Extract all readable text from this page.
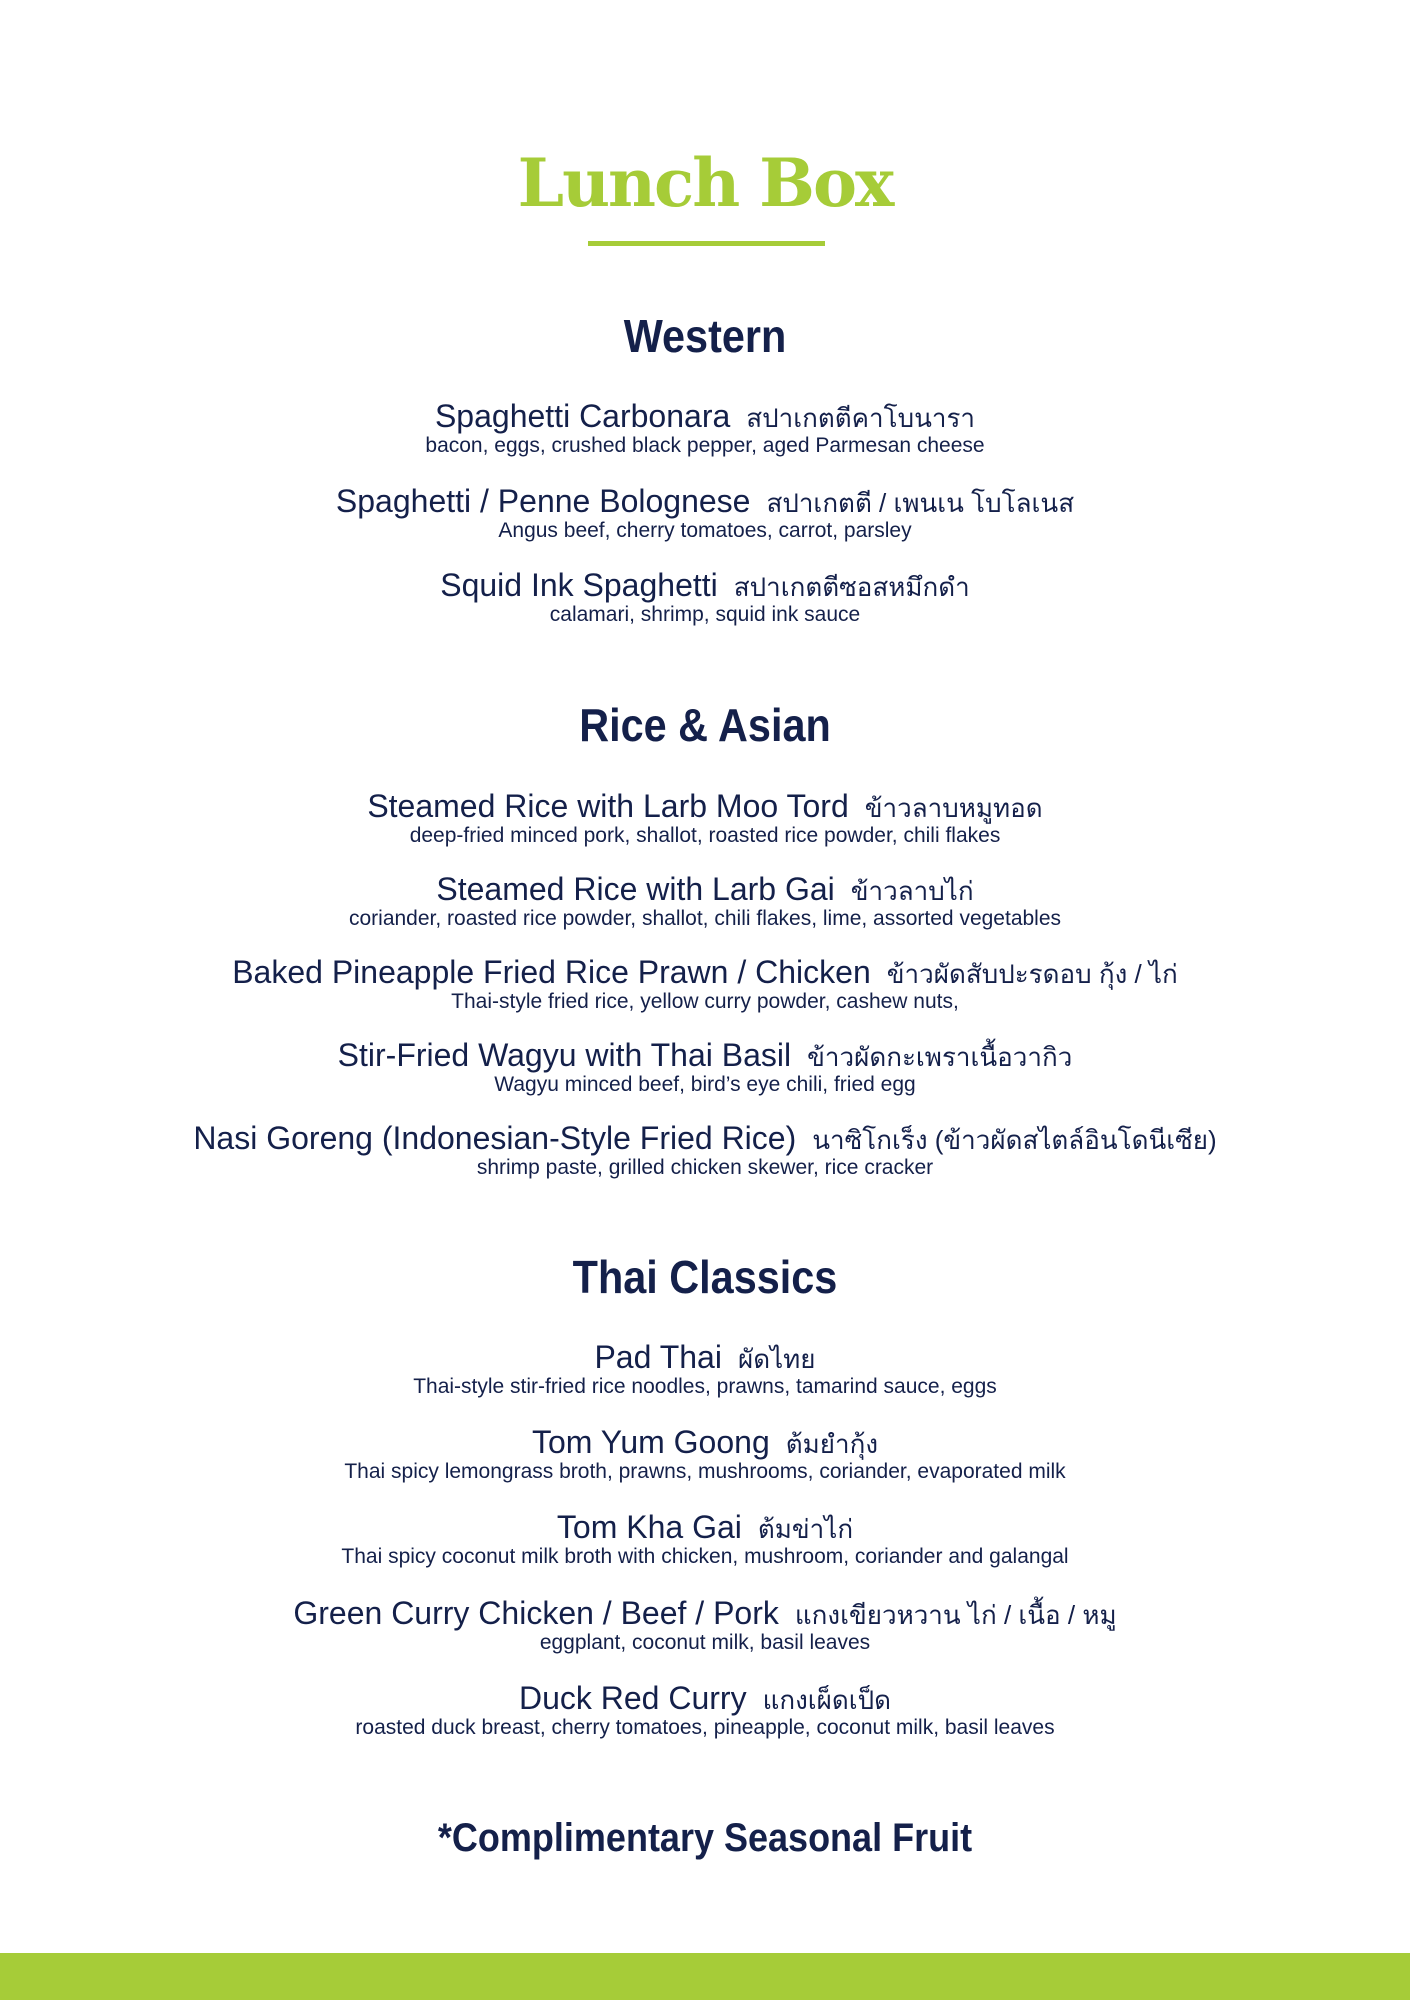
Lunch Box
Western
Spaghetti Carbonara สปาเกตตีคาโบนารา
bacon, eggs, crushed black pepper, aged Parmesan cheese
Spaghetti / Penne Bolognese สปาเกตตี / เพนเน โบโลเนส
Angus beef, cherry tomatoes, carrot, parsley
Squid Ink Spaghetti สปาเกตตีซอสหมึกดำ
calamari, shrimp, squid ink sauce
Rice & Asian
Steamed Rice with Larb Moo Tord ข้าวลาบหมูทอด
deep-fried minced pork, shallot, roasted rice powder, chili flakes
Steamed Rice with Larb Gai ข้าวลาบไก่
coriander, roasted rice powder, shallot, chili flakes, lime, assorted vegetables
Baked Pineapple Fried Rice Prawn / Chicken ข้าวผัดสับปะรดอบ กุ้ง / ไก่
Thai-style fried rice, yellow curry powder, cashew nuts,
Stir-Fried Wagyu with Thai Basil ข้าวผัดกะเพราเนื้อวากิว
Wagyu minced beef, bird’s eye chili, fried egg
Nasi Goreng (Indonesian-Style Fried Rice) นาซิโกเร็ง (ข้าวผัดสไตล์อินโดนีเซีย)
shrimp paste, grilled chicken skewer, rice cracker
Thai Classics
Pad Thai ผัดไทย
Thai-style stir-fried rice noodles, prawns, tamarind sauce, eggs
Tom Yum Goong ต้มยำกุ้ง
Thai spicy lemongrass broth, prawns, mushrooms, coriander, evaporated milk
Tom Kha Gai ต้มข่าไก่
Thai spicy coconut milk broth with chicken, mushroom, coriander and galangal
Green Curry Chicken / Beef / Pork แกงเขียวหวาน ไก่ / เนื้อ / หมู
eggplant, coconut milk, basil leaves
Duck Red Curry แกงเผ็ดเป็ด
roasted duck breast, cherry tomatoes, pineapple, coconut milk, basil leaves
*Complimentary Seasonal Fruit
